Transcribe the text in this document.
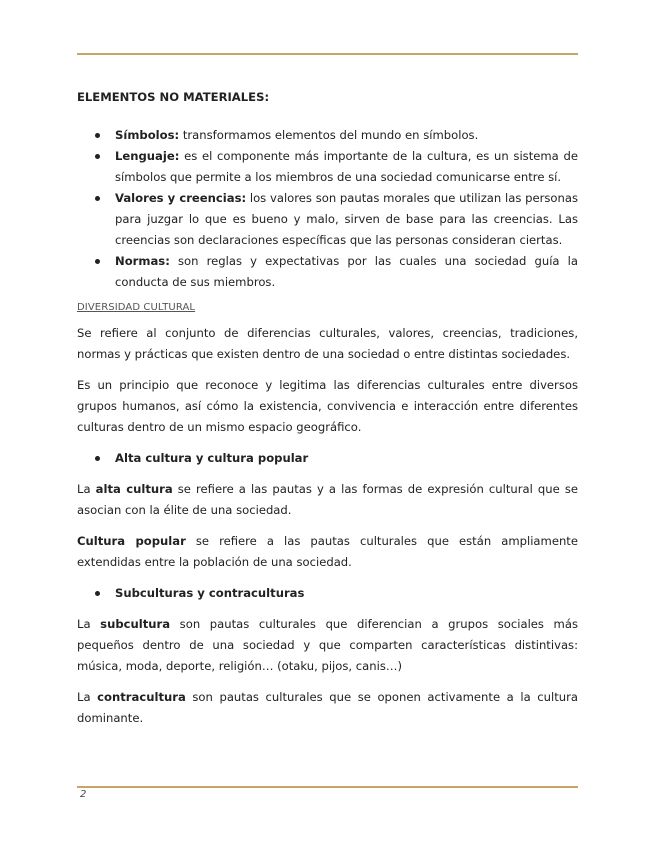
ELEMENTOS NO MATERIALES:
Símbolos: transformamos elementos del mundo en símbolos.
Lenguaje: es el componente más importante de la cultura, es un sistema de símbolos que permite a los miembros de una sociedad comunicarse entre sí.
Valores y creencias: los valores son pautas morales que utilizan las personas para juzgar lo que es bueno y malo, sirven de base para las creencias. Las creencias son declaraciones específicas que las personas consideran ciertas.
Normas: son reglas y expectativas por las cuales una sociedad guía la conducta de sus miembros.
DIVERSIDAD CULTURAL

Se refiere al conjunto de diferencias culturales, valores, creencias, tradiciones, normas y prácticas que existen dentro de una sociedad o entre distintas sociedades.

Es un principio que reconoce y legitima las diferencias culturales entre diversos grupos humanos, así cómo la existencia, convivencia e interacción entre diferentes culturas dentro de un mismo espacio geográfico.

Alta cultura y cultura popular

La alta cultura se refiere a las pautas y a las formas de expresión cultural que se asocian con la élite de una sociedad.

Cultura popular se refiere a las pautas culturales que están ampliamente extendidas entre la población de una sociedad.

Subculturas y contraculturas

La subcultura son pautas culturales que diferencian a grupos sociales más pequeños dentro de una sociedad y que comparten características distintivas: música, moda, deporte, religión… (otaku, pijos, canis…)

La contracultura son pautas culturales que se oponen activamente a la cultura dominante.

2
